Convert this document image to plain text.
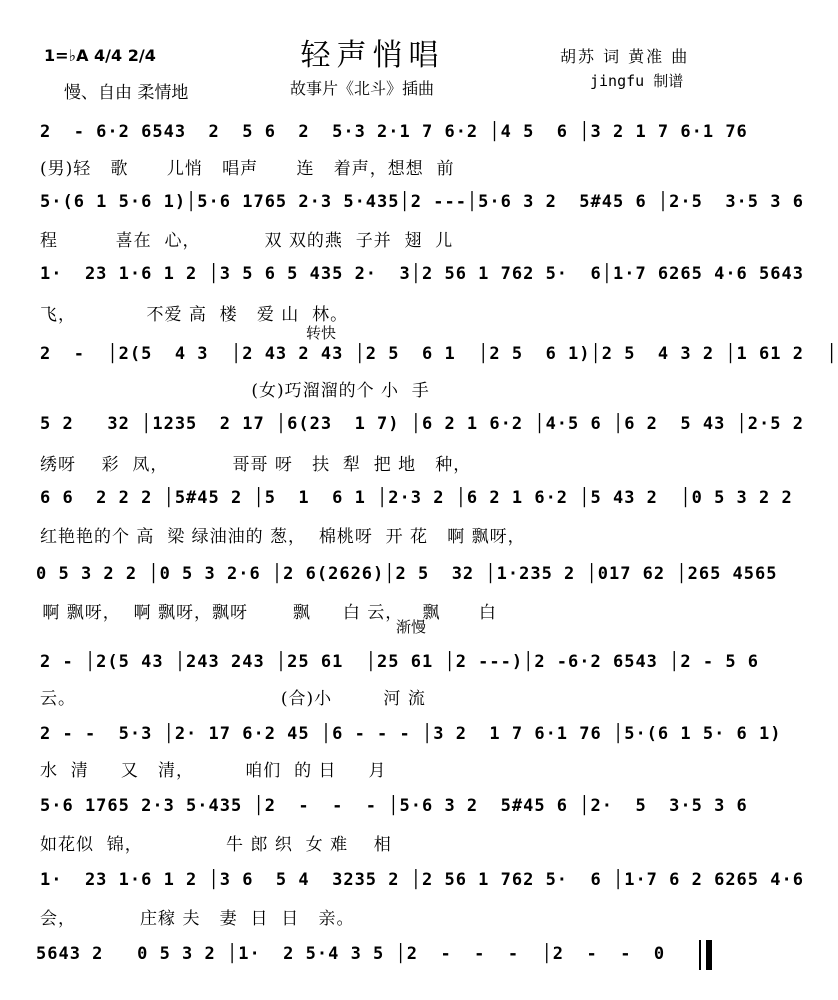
轻声悄唱
1=♭A 4/4 2/4
慢、自由 柔情地	故事片《北斗》插曲
胡苏 词 黄准 曲
jingfu 制谱
转快
渐慢
2  - 6·2 6543  2  5 6  2  5·3 2·1 7 6·2 │4 5  6 │3 2 1 7 6·1 76
(男)轻   歌      儿悄   唱声      连   着声，想想  前
5·(6 1 5·6 1)│5·6 1765 2·3 5·435│2 ---│5·6 3 2  5#45 6 │2·5  3·5 3 6
程         喜在  心，          双 双的燕  子并  翅  儿
1·  23 1·6 1 2 │3 5 6 5 435 2·  3│2 56 1 762 5·  6│1·7 6265 4·6 5643
飞，           不爱 高  楼   爱 山  林。
2  -  │2(5  4 3  │2 43 2 43 │2 5  6 1  │2 5  6 1)│2 5  4 3 2 │1 61 2  │
(女)巧溜溜的个 小  手
5 2   32 │1235  2 17 │6(23  1 7) │6 2 1 6·2 │4·5 6 │6 2  5 43 │2·5 2
绣呀    彩  凤，          哥哥 呀   扶  犁  把 地   种，
6 6  2 2 2 │5#45 2 │5  1  6 1 │2·3 2 │6 2 1 6·2 │5 43 2  │0 5 3 2 2
红艳艳的个 高  梁 绿油油的 葱，  棉桃呀  开 花   啊 飘呀，
0 5 3 2 2 │0 5 3 2·6 │2 6(2626)│2 5  32 │1·235 2 │017 62 │265 4565
啊 飘呀，  啊 飘呀，飘呀       飘     白 云，   飘      白
2 - │2(5 43 │243 243 │25 61  │25 61 │2 ---)│2 -6·2 6543 │2 - 5 6
云。                                (合)小        河 流
2 - -  5·3 │2· 17 6·2 45 │6 - - - │3 2  1 7 6·1 76 │5·(6 1 5· 6 1)
水  清     又   清，        咱们  的 日     月
5·6 1765 2·3 5·435 │2  -  -  - │5·6 3 2  5#45 6 │2·  5  3·5 3 6
如花似  锦，             牛 郎 织  女 难    相
1·  23 1·6 1 2 │3 6  5 4  3235 2 │2 56 1 762 5·  6 │1·7 6 2 6265 4·6
会，          庄稼 夫   妻  日  日   亲。
5643 2   0 5 3 2 │1·  2 5·4 3 5 │2  -  -  -  │2  -  -  0
